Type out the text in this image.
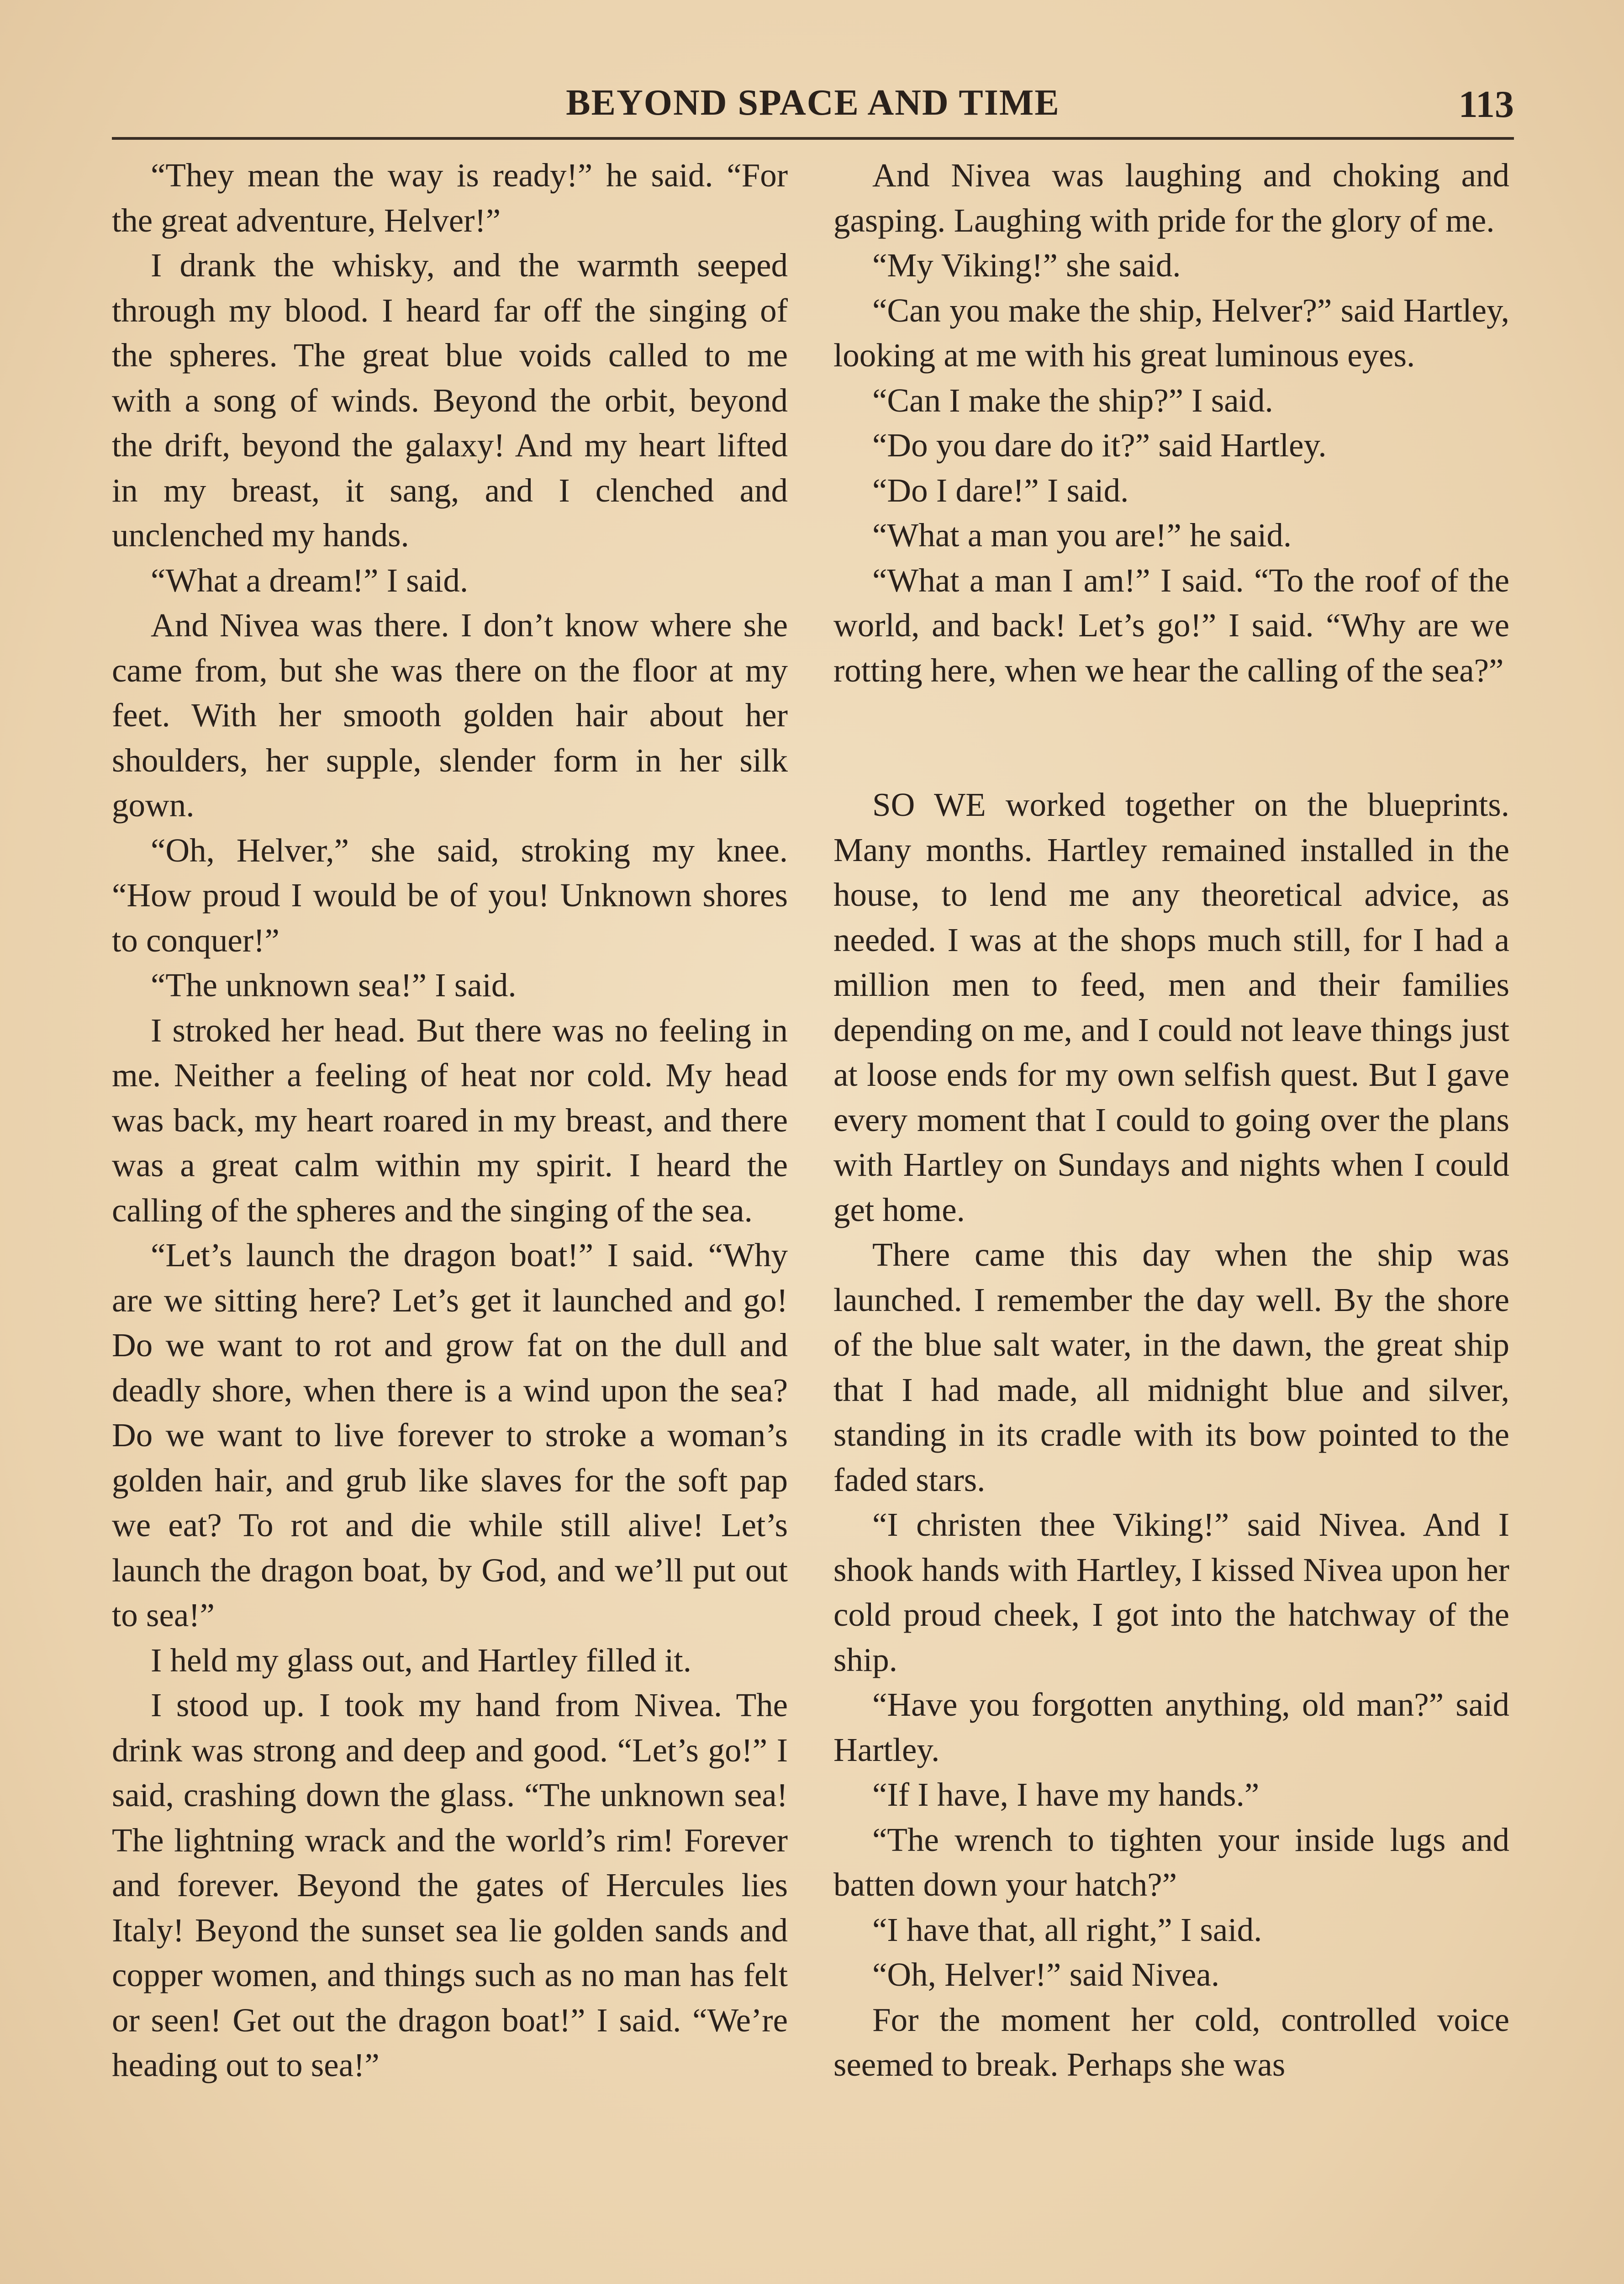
BEYOND SPACE AND TIME	113

“They mean the way is ready!” he said. “For the great adventure, Helver!”

I drank the whisky, and the warmth seeped through my blood. I heard far off the singing of the spheres. The great blue voids called to me with a song of winds. Beyond the orbit, beyond the drift, beyond the galaxy! And my heart lifted in my breast, it sang, and I clenched and unclenched my hands.

“What a dream!” I said.

And Nivea was there. I don’t know where she came from, but she was there on the floor at my feet. With her smooth golden hair about her shoulders, her supple, slender form in her silk gown.

“Oh, Helver,” she said, stroking my knee. “How proud I would be of you! Unknown shores to conquer!”

“The unknown sea!” I said.

I stroked her head. But there was no feeling in me. Neither a feeling of heat nor cold. My head was back, my heart roared in my breast, and there was a great calm within my spirit. I heard the calling of the spheres and the singing of the sea.

“Let’s launch the dragon boat!” I said. “Why are we sitting here? Let’s get it launched and go! Do we want to rot and grow fat on the dull and deadly shore, when there is a wind upon the sea? Do we want to live forever to stroke a woman’s golden hair, and grub like slaves for the soft pap we eat? To rot and die while still alive! Let’s launch the dragon boat, by God, and we’ll put out to sea!”

I held my glass out, and Hartley filled it.

I stood up. I took my hand from Nivea. The drink was strong and deep and good. “Let’s go!” I said, crashing down the glass. “The unknown sea! The lightning wrack and the world’s rim! Forever and forever. Beyond the gates of Hercules lies Italy! Beyond the sunset sea lie golden sands and copper women, and things such as no man has felt or seen! Get out the dragon boat!” I said. “We’re heading out to sea!”

And Nivea was laughing and choking and gasping. Laughing with pride for the glory of me.

“My Viking!” she said.

“Can you make the ship, Helver?” said Hartley, looking at me with his great luminous eyes.

“Can I make the ship?” I said.

“Do you dare do it?” said Hartley.

“Do I dare!” I said.

“What a man you are!” he said.

“What a man I am!” I said. “To the roof of the world, and back! Let’s go!” I said. “Why are we rotting here, when we hear the calling of the sea?”

SO WE worked together on the blueprints. Many months. Hartley remained installed in the house, to lend me any theoretical advice, as needed. I was at the shops much still, for I had a million men to feed, men and their families depending on me, and I could not leave things just at loose ends for my own selfish quest. But I gave every moment that I could to going over the plans with Hartley on Sundays and nights when I could get home.

There came this day when the ship was launched. I remember the day well. By the shore of the blue salt water, in the dawn, the great ship that I had made, all midnight blue and silver, standing in its cradle with its bow pointed to the faded stars.

“I christen thee Viking!” said Nivea. And I shook hands with Hartley, I kissed Nivea upon her cold proud cheek, I got into the hatchway of the ship.

“Have you forgotten anything, old man?” said Hartley.

“If I have, I have my hands.”

“The wrench to tighten your inside lugs and batten down your hatch?”

“I have that, all right,” I said.

“Oh, Helver!” said Nivea.

For the moment her cold, controlled voice seemed to break. Perhaps she was
